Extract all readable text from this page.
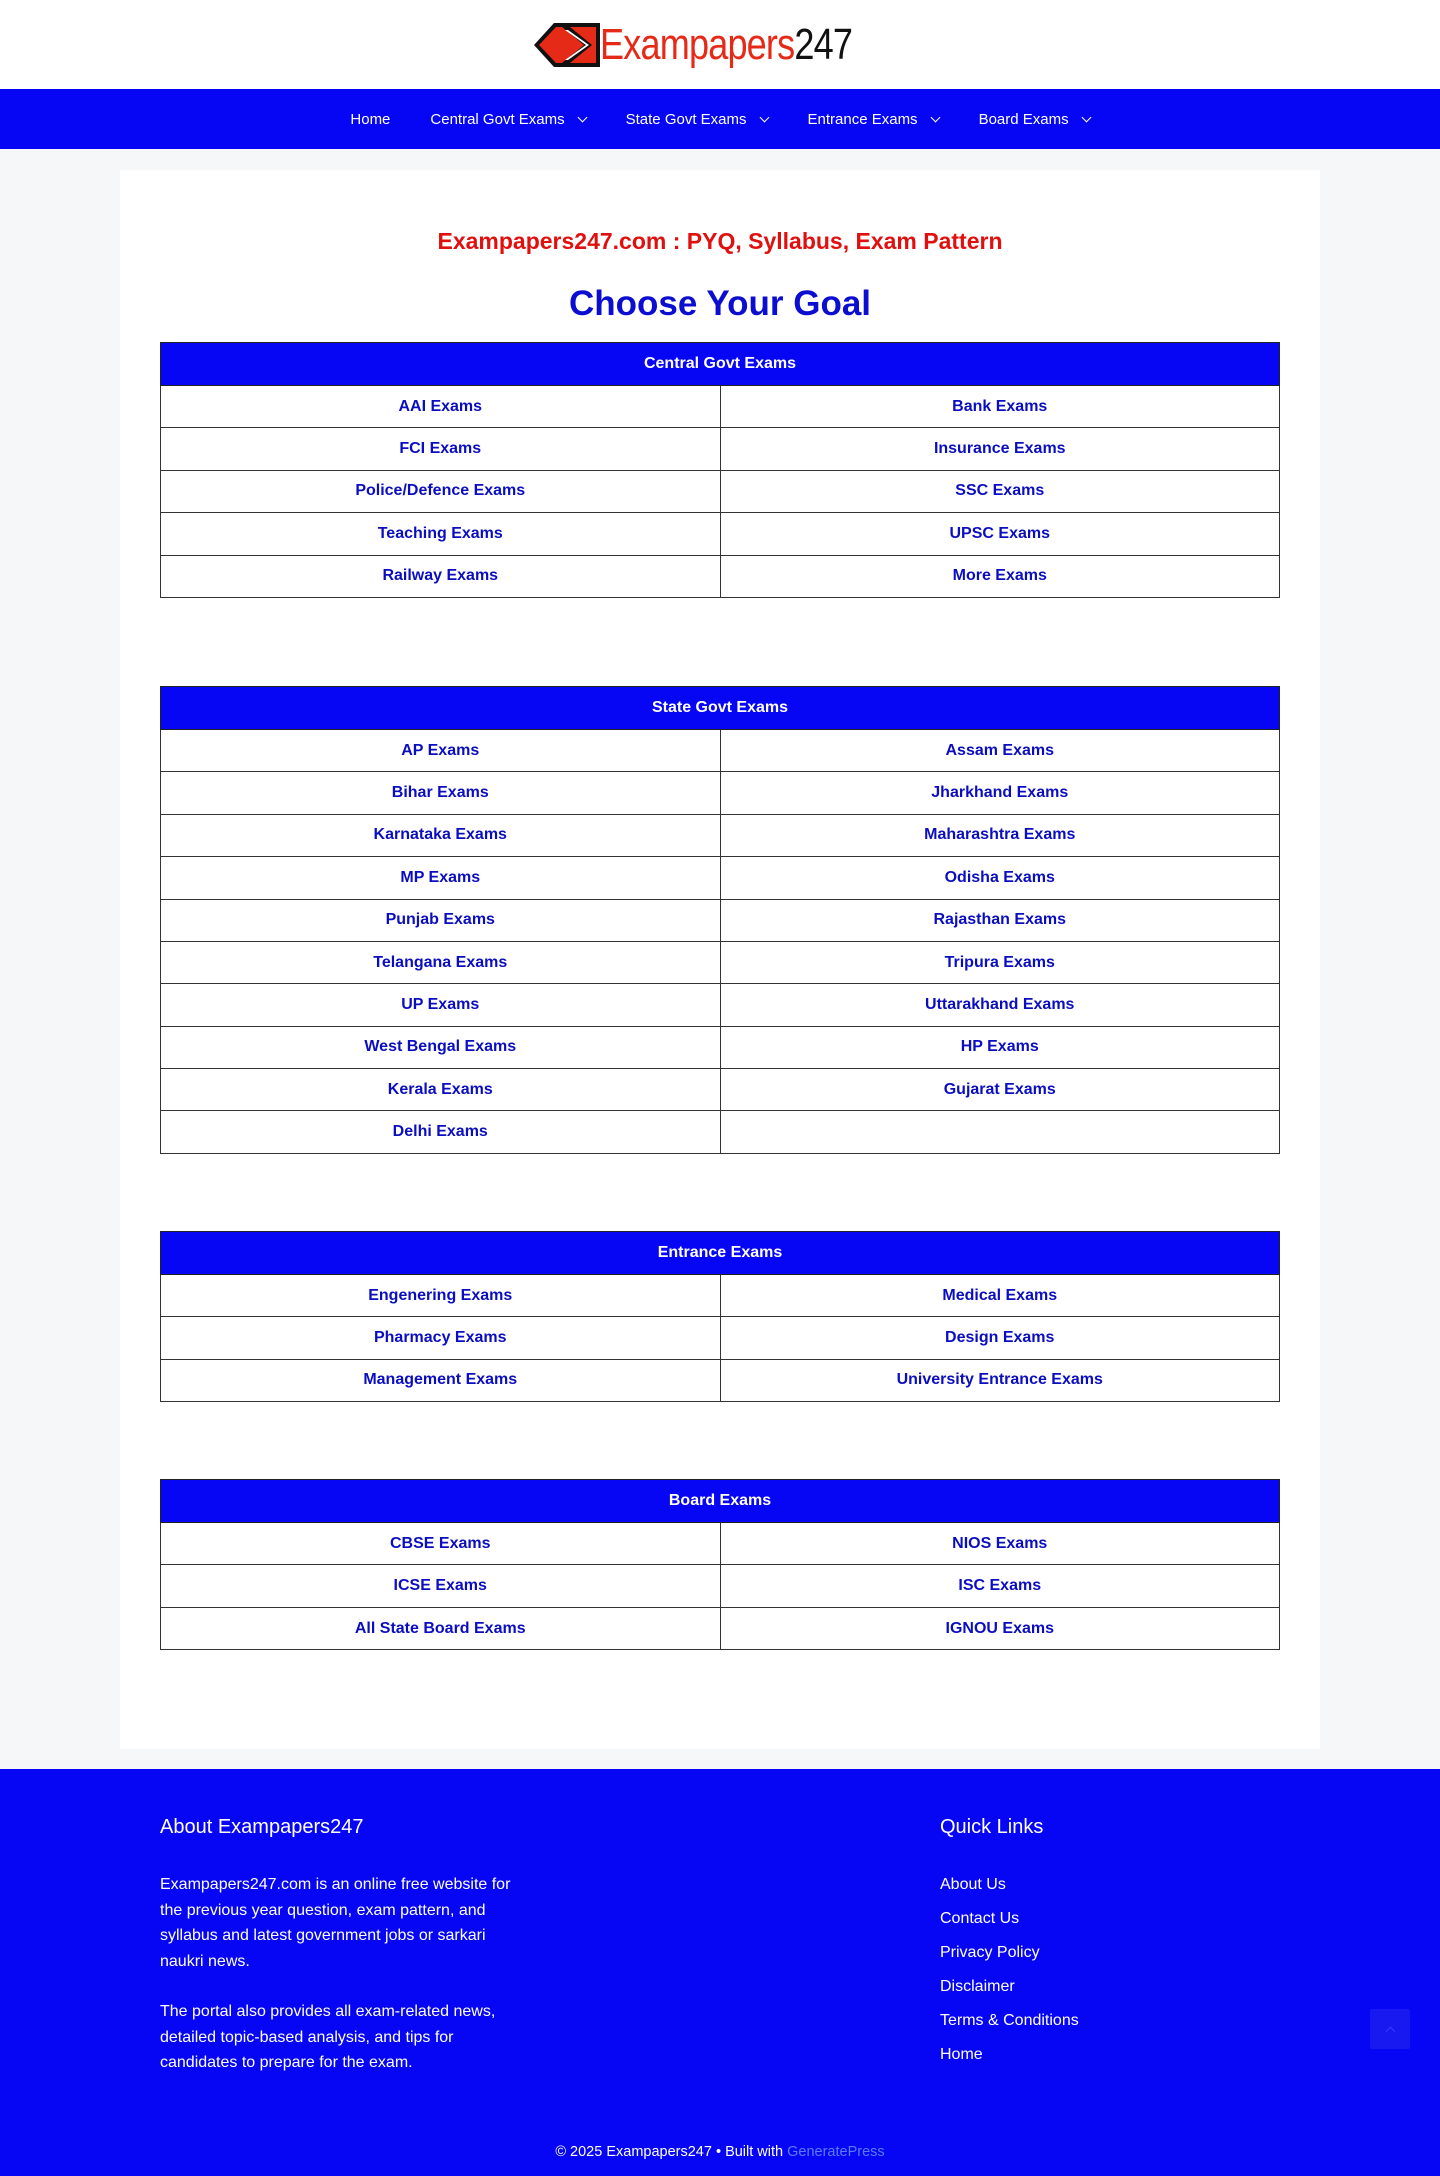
Exampapers247
Home	Central Govt Exams	State Govt Exams	Entrance Exams	Board Exams
Exampapers247.com : PYQ, Syllabus, Exam Pattern
Choose Your Goal
Central Govt Exams	
AAI Exams	Bank Exams
FCI Exams	Insurance Exams
Police/Defence Exams	SSC Exams
Teaching Exams	UPSC Exams
Railway Exams	More Exams
State Govt Exams	
AP Exams	Assam Exams
Bihar Exams	Jharkhand Exams
Karnataka Exams	Maharashtra Exams
MP Exams	Odisha Exams
Punjab Exams	Rajasthan Exams
Telangana Exams	Tripura Exams
UP Exams	Uttarakhand Exams
West Bengal Exams	HP Exams
Kerala Exams	Gujarat Exams
Delhi Exams	
Entrance Exams	
Engenering Exams	Medical Exams
Pharmacy Exams	Design Exams
Management Exams	University Entrance Exams
Board Exams	
CBSE Exams	NIOS Exams
ICSE Exams	ISC Exams
All State Board Exams	IGNOU Exams
About Exampapers247

Exampapers247.com is an online free website for the previous year question, exam pattern, and syllabus and latest government jobs or sarkari naukri news.

The portal also provides all exam-related news, detailed topic-based analysis, and tips for candidates to prepare for the exam.

Quick Links
About Us
Contact Us
Privacy Policy
Disclaimer
Terms & Conditions
Home
© 2025 Exampapers247 • Built with GeneratePress
